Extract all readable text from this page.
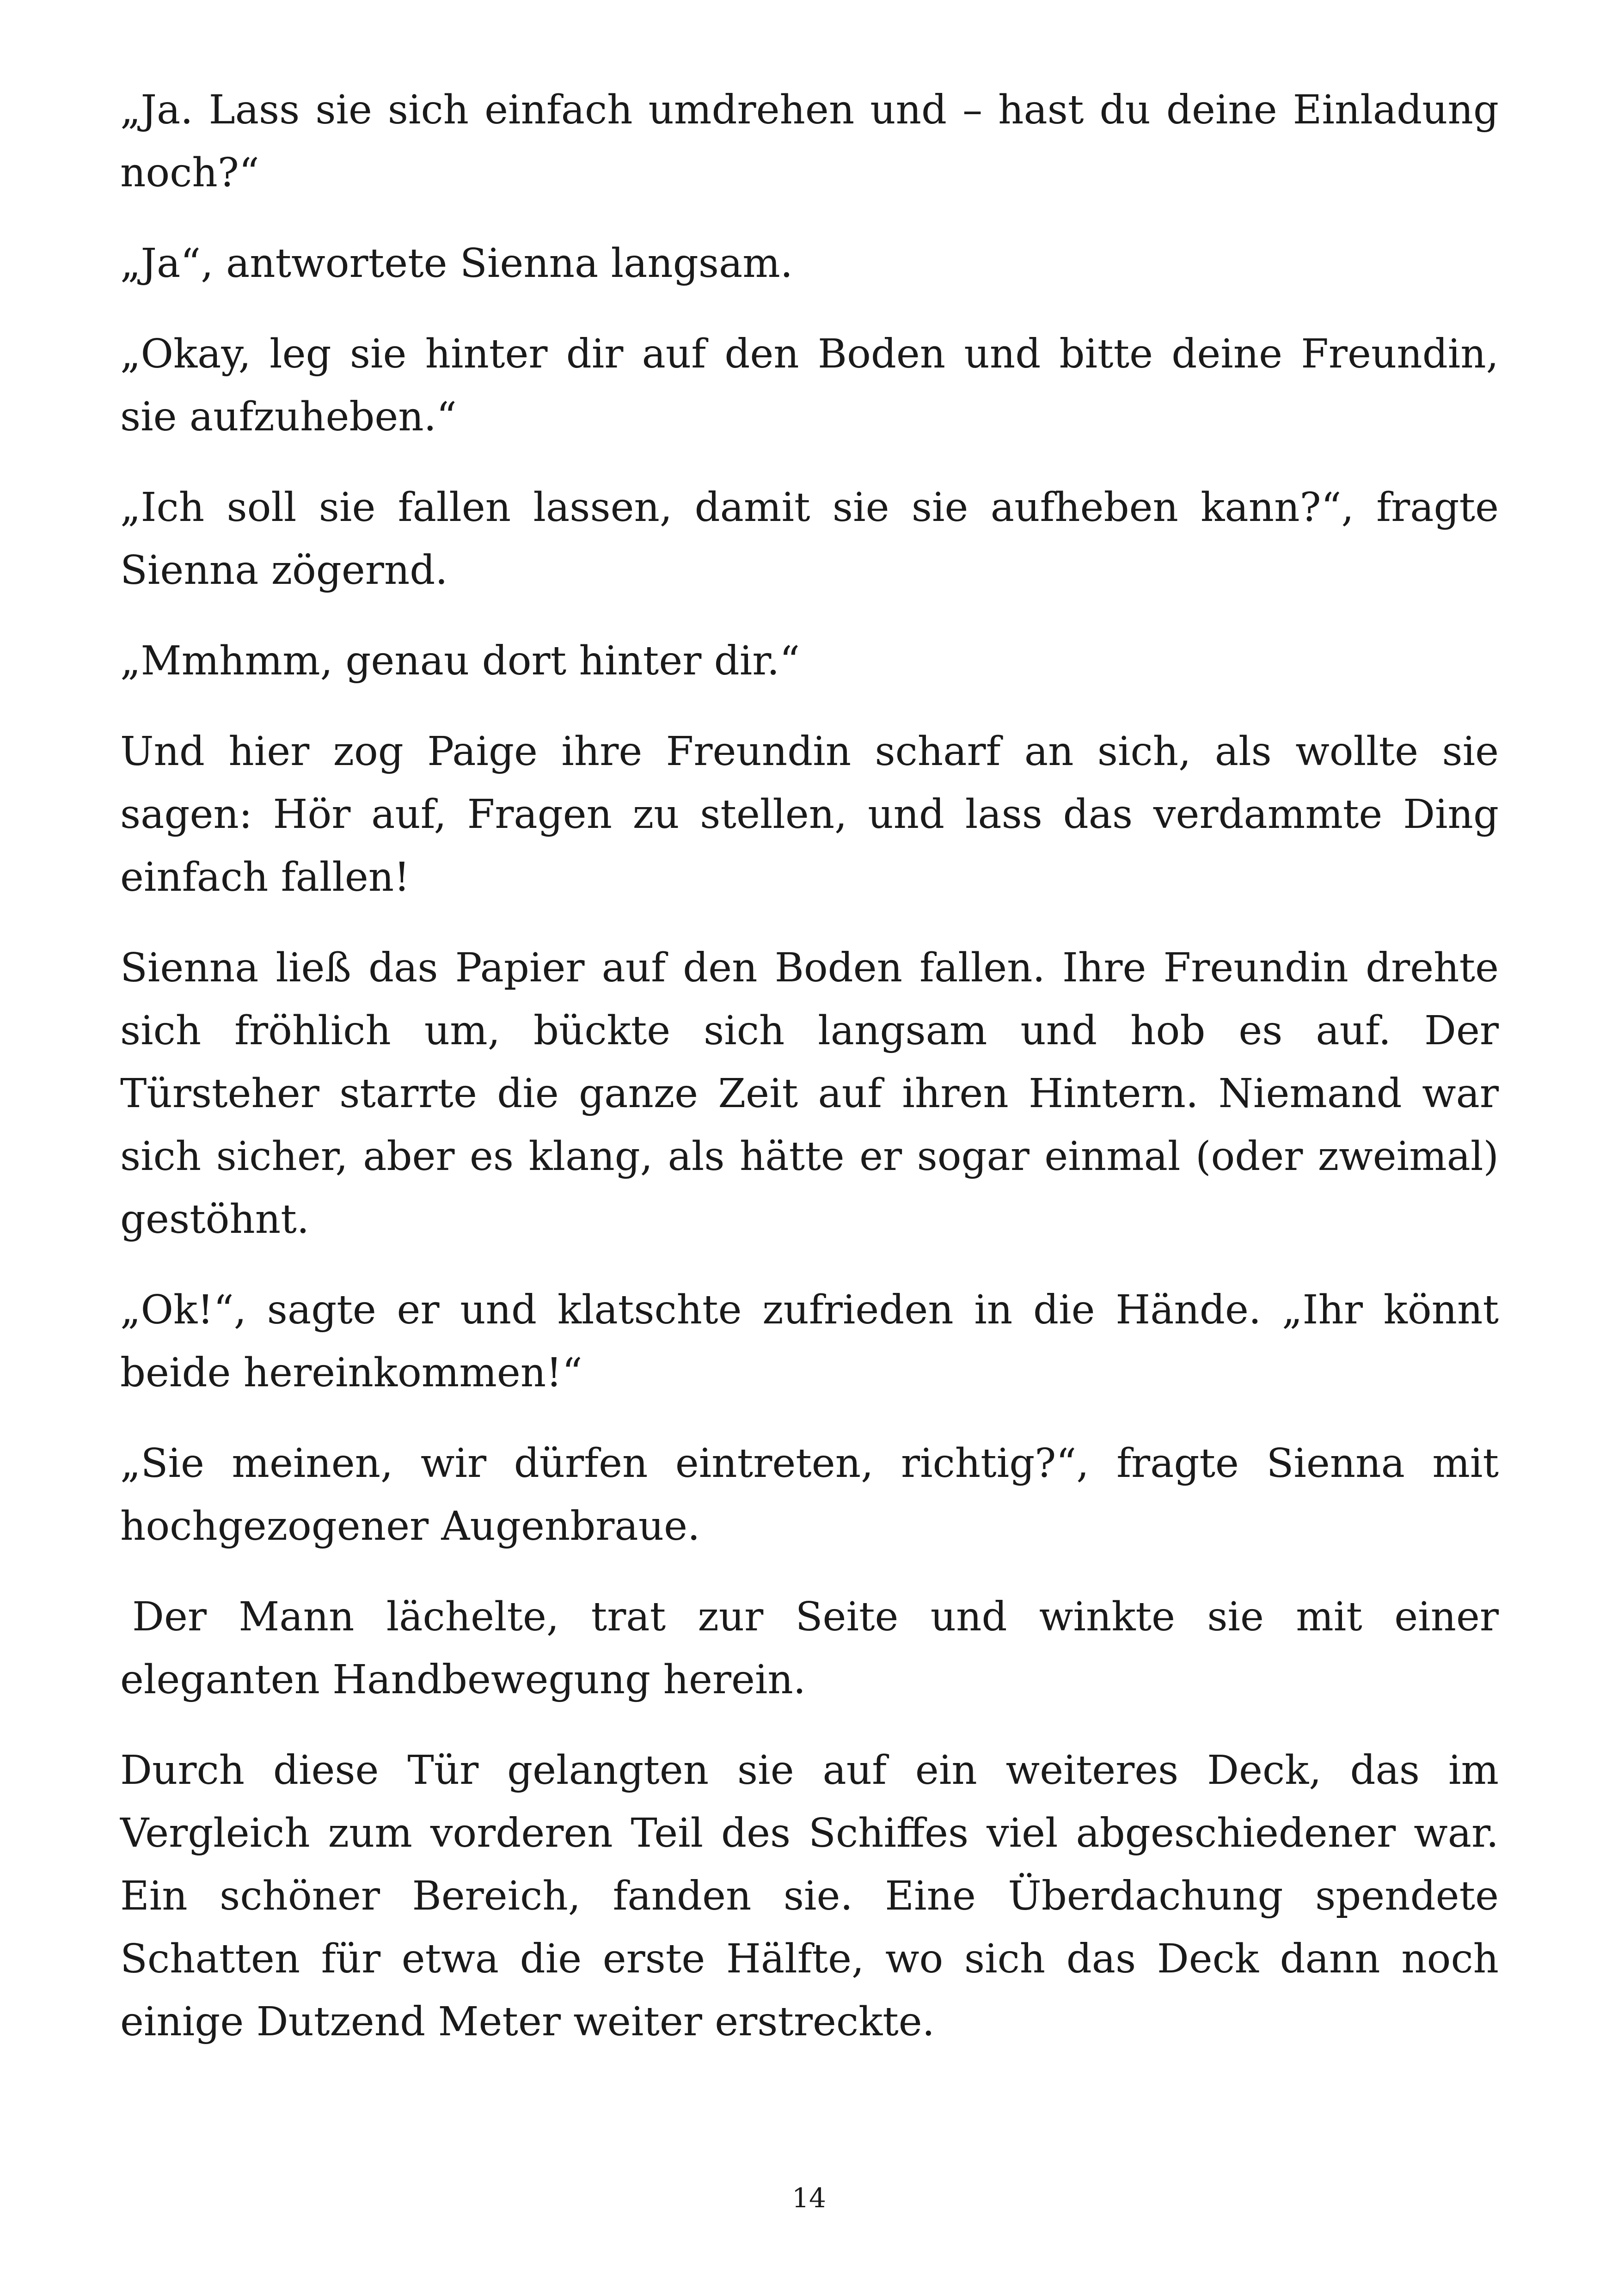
„Ja. Lass sie sich einfach umdrehen und – hast du deine Einladung noch?“

„Ja“, antwortete Sienna langsam.

„Okay, leg sie hinter dir auf den Boden und bitte deine Freundin, sie aufzuheben.“

„Ich soll sie fallen lassen, damit sie sie aufheben kann?“, fragte Sienna zögernd.

„Mmhmm, genau dort hinter dir.“

Und hier zog Paige ihre Freundin scharf an sich, als wollte sie sagen: Hör auf, Fragen zu stellen, und lass das verdammte Ding einfach fallen!

Sienna ließ das Papier auf den Boden fallen. Ihre Freundin drehte sich fröhlich um, bückte sich langsam und hob es auf. Der Türsteher starrte die ganze Zeit auf ihren Hintern. Niemand war sich sicher, aber es klang, als hätte er sogar einmal (oder zweimal) gestöhnt.

„Ok!“, sagte er und klatschte zufrieden in die Hände. „Ihr könnt beide hereinkommen!“

„Sie meinen, wir dürfen eintreten, richtig?“, fragte Sienna mit hochgezogener Augenbraue.

Der Mann lächelte, trat zur Seite und winkte sie mit einer eleganten Handbewegung herein.

Durch diese Tür gelangten sie auf ein weiteres Deck, das im Vergleich zum vorderen Teil des Schiffes viel abgeschiedener war. Ein schöner Bereich, fanden sie. Eine Überdachung spendete Schatten für etwa die erste Hälfte, wo sich das Deck dann noch einige Dutzend Meter weiter erstreckte.

14
